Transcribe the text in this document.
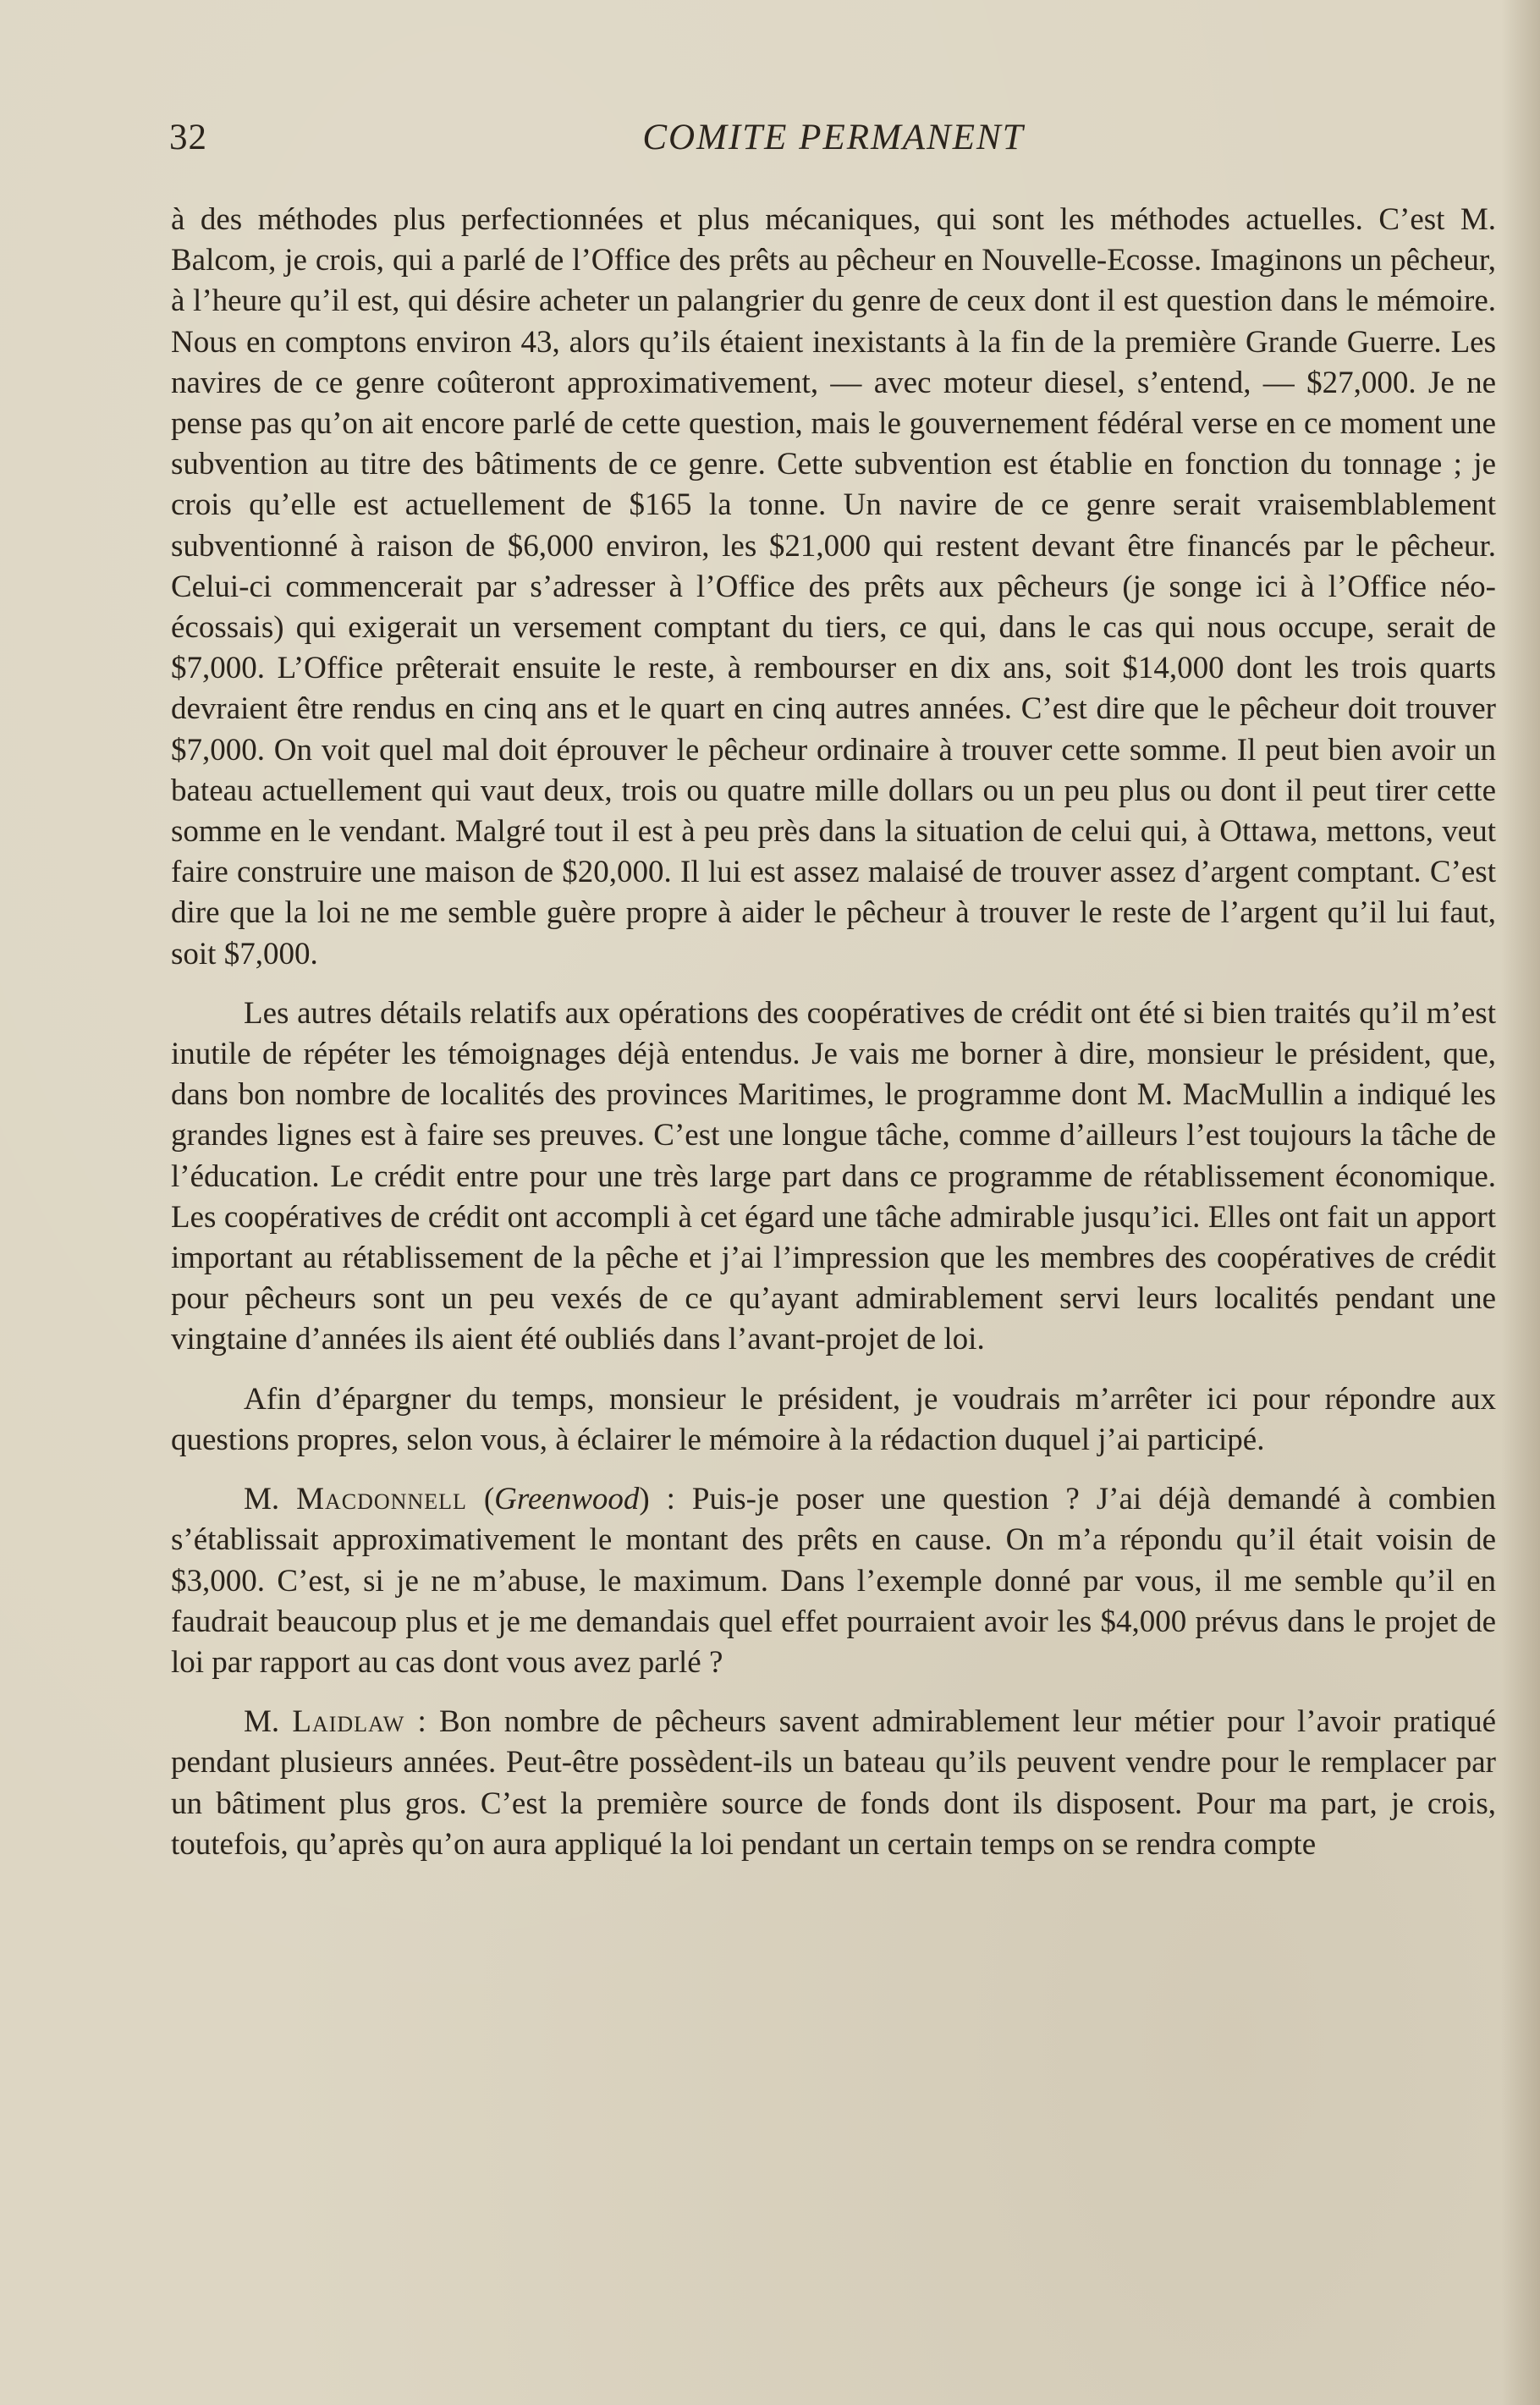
32	COMITE PERMANENT

à des méthodes plus perfectionnées et plus mécaniques, qui sont les méthodes actuelles. C’est M. Balcom, je crois, qui a parlé de l’Office des prêts au pêcheur en Nouvelle-Ecosse. Imaginons un pêcheur, à l’heure qu’il est, qui désire acheter un palangrier du genre de ceux dont il est question dans le mémoire. Nous en comptons environ 43, alors qu’ils étaient inexistants à la fin de la première Grande Guerre. Les navires de ce genre coûteront approximativement, — avec moteur diesel, s’entend, — $27,000. Je ne pense pas qu’on ait encore parlé de cette question, mais le gouvernement fédéral verse en ce moment une subvention au titre des bâtiments de ce genre. Cette subvention est établie en fonction du tonnage ; je crois qu’elle est actuellement de $165 la tonne. Un navire de ce genre serait vraisemblablement subventionné à raison de $6,000 environ, les $21,000 qui restent devant être financés par le pêcheur. Celui-ci commencerait par s’adresser à l’Office des prêts aux pêcheurs (je songe ici à l’Office néo-écossais) qui exigerait un versement comptant du tiers, ce qui, dans le cas qui nous occupe, serait de $7,000. L’Office prêterait ensuite le reste, à rembourser en dix ans, soit $14,000 dont les trois quarts devraient être rendus en cinq ans et le quart en cinq autres années. C’est dire que le pêcheur doit trouver $7,000. On voit quel mal doit éprouver le pêcheur ordinaire à trouver cette somme. Il peut bien avoir un bateau actuellement qui vaut deux, trois ou quatre mille dollars ou un peu plus ou dont il peut tirer cette somme en le vendant. Malgré tout il est à peu près dans la situation de celui qui, à Ottawa, mettons, veut faire construire une maison de $20,000. Il lui est assez malaisé de trouver assez d’argent comptant. C’est dire que la loi ne me semble guère propre à aider le pêcheur à trouver le reste de l’argent qu’il lui faut, soit $7,000.

Les autres détails relatifs aux opérations des coopératives de crédit ont été si bien traités qu’il m’est inutile de répéter les témoignages déjà entendus. Je vais me borner à dire, monsieur le président, que, dans bon nombre de localités des provinces Maritimes, le programme dont M. MacMullin a indiqué les grandes lignes est à faire ses preuves. C’est une longue tâche, comme d’ailleurs l’est toujours la tâche de l’éducation. Le crédit entre pour une très large part dans ce programme de rétablissement économique. Les coopératives de crédit ont accompli à cet égard une tâche admirable jusqu’ici. Elles ont fait un apport important au rétablissement de la pêche et j’ai l’impression que les membres des coopératives de crédit pour pêcheurs sont un peu vexés de ce qu’ayant admirablement servi leurs localités pendant une vingtaine d’années ils aient été oubliés dans l’avant-projet de loi.

Afin d’épargner du temps, monsieur le président, je voudrais m’arrêter ici pour répondre aux questions propres, selon vous, à éclairer le mémoire à la rédaction duquel j’ai participé.

M. Macdonnell (Greenwood) : Puis-je poser une question ? J’ai déjà demandé à combien s’établissait approximativement le montant des prêts en cause. On m’a répondu qu’il était voisin de $3,000. C’est, si je ne m’abuse, le maximum. Dans l’exemple donné par vous, il me semble qu’il en faudrait beaucoup plus et je me demandais quel effet pourraient avoir les $4,000 prévus dans le projet de loi par rapport au cas dont vous avez parlé ?

M. Laidlaw : Bon nombre de pêcheurs savent admirablement leur métier pour l’avoir pratiqué pendant plusieurs années. Peut-être possèdent-ils un bateau qu’ils peuvent vendre pour le remplacer par un bâtiment plus gros. C’est la première source de fonds dont ils disposent. Pour ma part, je crois, toutefois, qu’après qu’on aura appliqué la loi pendant un certain temps on se rendra compte
